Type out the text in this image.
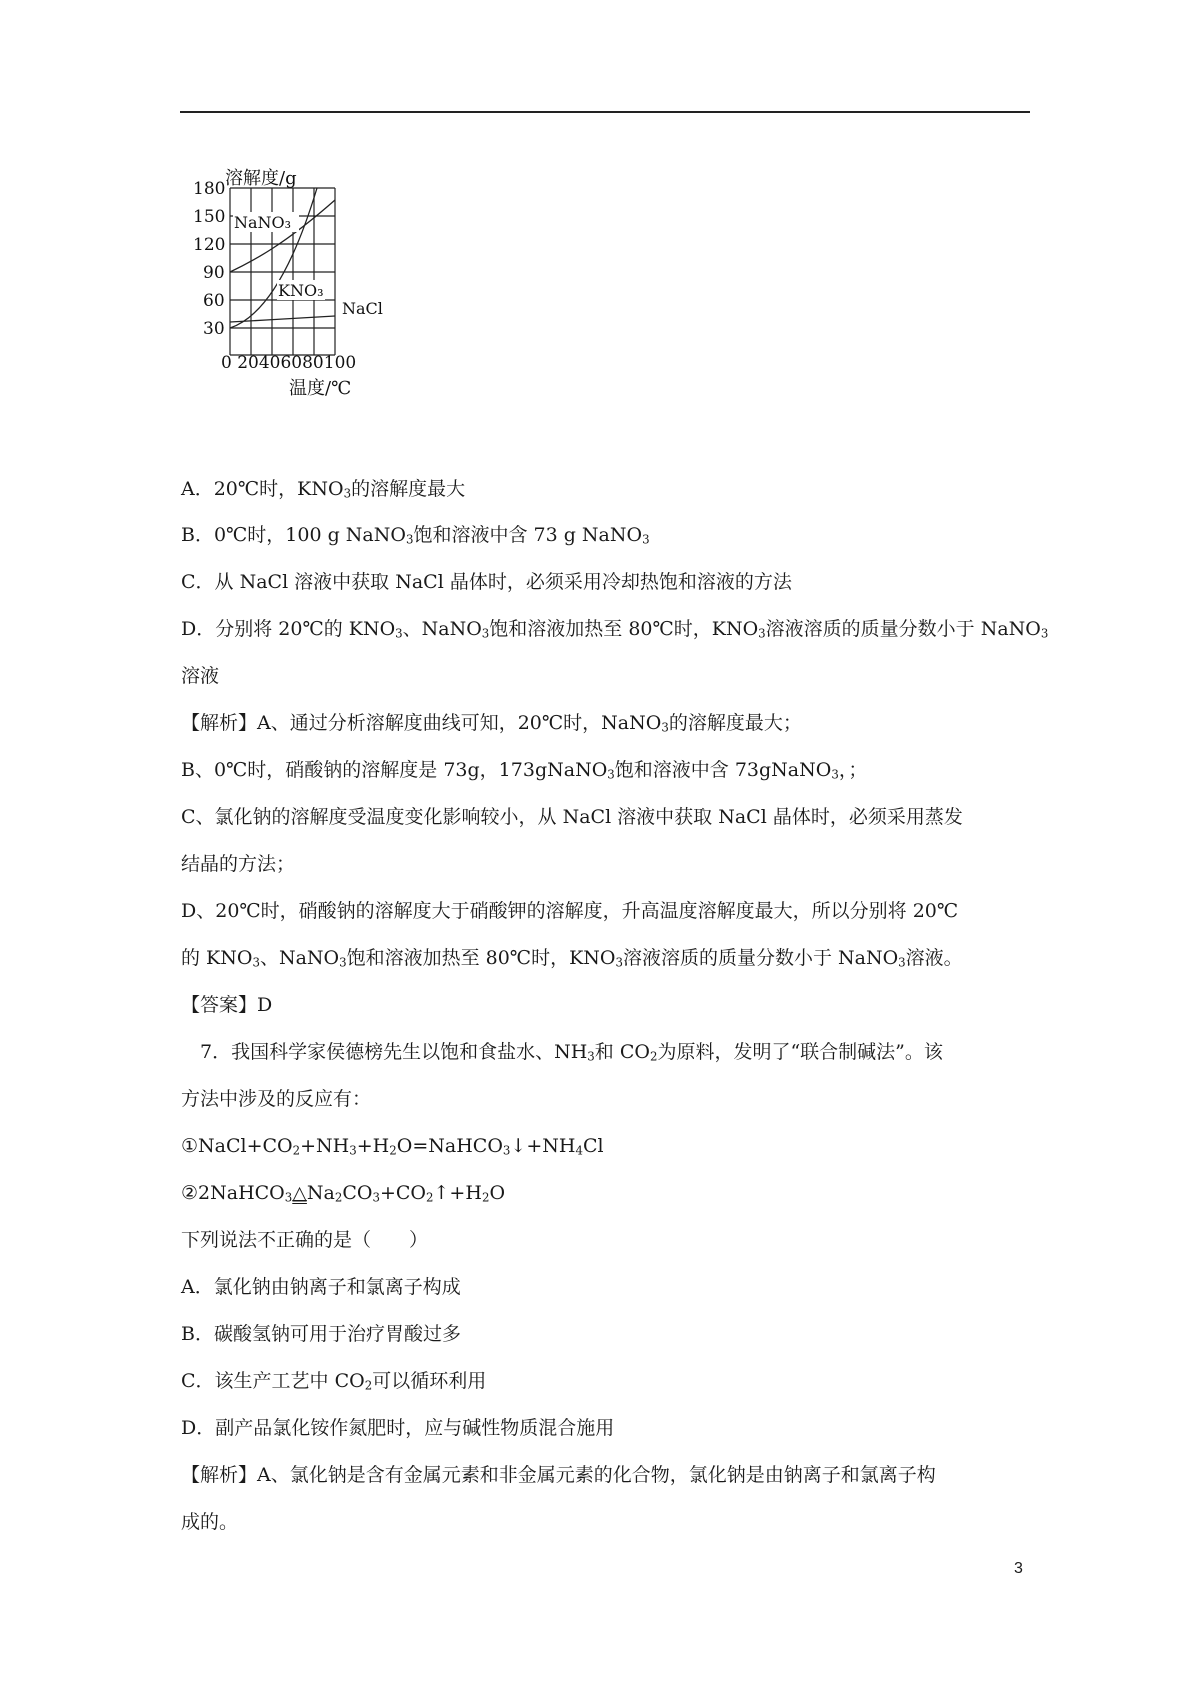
溶解度/g
180
150
120
90
60
30
0 20406080100
温度/℃
NaNO₃
KNO₃
NaCl
A．20℃时，$KNO_3$的溶解度最大
B．0℃时，100 g NaNO$_3$饱和溶液中含 73 g NaNO$_3$
C．从 NaCl 溶液中获取 NaCl 晶体时，必须采用冷却热饱和溶液的方法
D．分别将 20℃的 $KNO_3$、NaNO$_3$饱和溶液加热至 80℃时，$KNO_3$溶液溶质的质量分数小于 NaNO$_3$
溶液
【解析】A、通过分析溶解度曲线可知，20℃时，NaNO$_3$的溶解度最大；
B、0℃时，硝酸钠的溶解度是 73g，173gNaNO$_3$饱和溶液中含 73gNaNO$_3$，；
C、氯化钠的溶解度受温度变化影响较小，从 NaCl 溶液中获取 NaCl 晶体时，必须采用蒸发
结晶的方法；
D、20℃时，硝酸钠的溶解度大于硝酸钾的溶解度，升高温度溶解度最大，所以分别将 20℃
的 $KNO_3$、NaNO$_3$饱和溶液加热至 80℃时，$KNO_3$溶液溶质的质量分数小于 NaNO$_3$溶液。
【答案】D
7．我国科学家侯德榜先生以饱和食盐水、$NH_3$和 $CO_2$为原料，发明了“联合制碱法”。该
方法中涉及的反应有：
$①NaCl+CO_2+NH_3+H_2O=NaHCO_3↓+NH_4Cl$
$②2NaHCO_3\triangle Na_2CO_3+CO_2↑+H_2O$
下列说法不正确的是（　　）
A．氯化钠由钠离子和氯离子构成
B．碳酸氢钠可用于治疗胃酸过多
C．该生产工艺中 $CO_2$可以循环利用
D．副产品氯化铵作氮肥时，应与碱性物质混合施用
【解析】A、氯化钠是含有金属元素和非金属元素的化合物，氯化钠是由钠离子和氯离子构
成的。
3
